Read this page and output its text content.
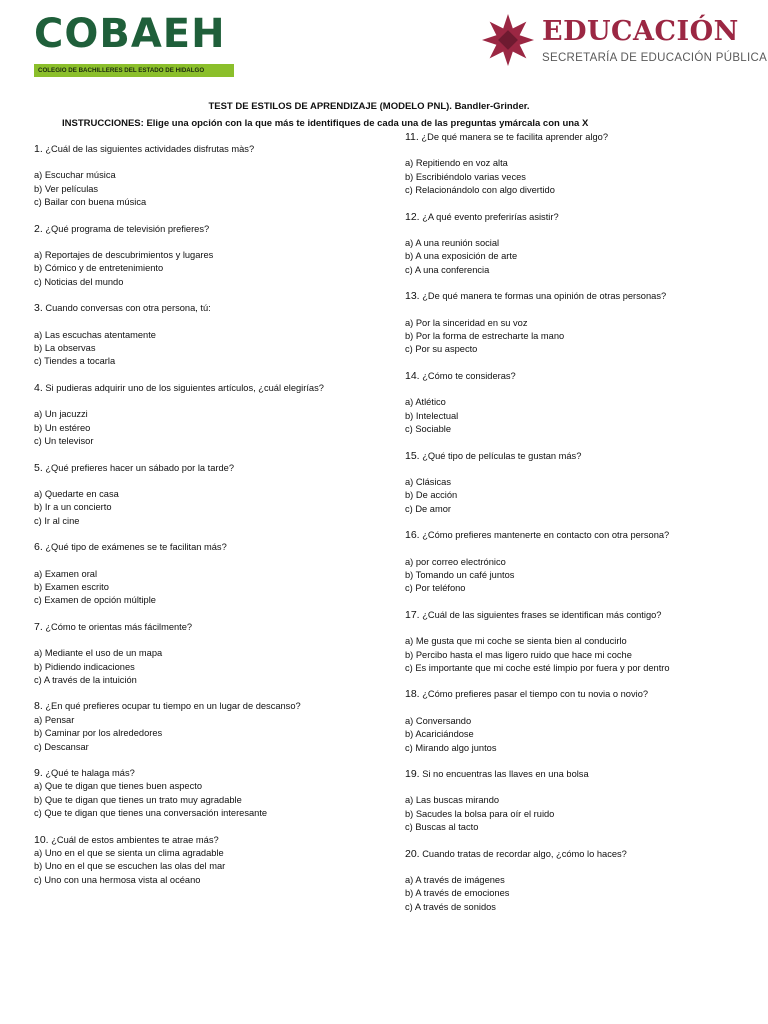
COBAEH
COLEGIO DE BACHILLERES DEL ESTADO DE HIDALGO
EDUCACIÓN
SECRETARÍA DE EDUCACIÓN PÚBLICA
TEST DE ESTILOS DE APRENDIZAJE (MODELO PNL). Bandler-Grinder.
INSTRUCCIONES: Elige una opción con la que más te identifiques de cada una de las preguntas ymárcala con una X
1. ¿Cuál de las siguientes actividades disfrutas màs?
a) Escuchar música
b) Ver películas
c) Bailar con buena música
2. ¿Qué programa de televisión prefieres?
a) Reportajes de descubrimientos y lugares
b) Cómico y de entretenimiento
c) Noticias del mundo
3. Cuando conversas con otra persona, tú:
a) Las escuchas atentamente
b) La observas
c) Tiendes a tocarla
4. Si pudieras adquirir uno de los siguientes artículos, ¿cuál elegirías?
a) Un jacuzzi
b) Un estéreo
c) Un televisor
5. ¿Qué prefieres hacer un sábado por la tarde?
a) Quedarte en casa
b) Ir a un concierto
c) Ir al cine
6. ¿Qué tipo de exámenes se te facilitan más?
a) Examen oral
b) Examen escrito
c) Examen de opción múltiple
7. ¿Cómo te orientas más fácilmente?
a) Mediante el uso de un mapa
b) Pidiendo indicaciones
c) A través de la intuición
8. ¿En qué prefieres ocupar tu tiempo en un lugar de descanso?
a) Pensar
b) Caminar por los alrededores
c) Descansar
9. ¿Qué te halaga más?
a) Que te digan que tienes buen aspecto
b) Que te digan que tienes un trato muy agradable
c) Que te digan que tienes una conversación interesante
10. ¿Cuál de estos ambientes te atrae más?
a) Uno en el que se sienta un clima agradable
b) Uno en el que se escuchen las olas del mar
c) Uno con una hermosa vista al océano
11. ¿De qué manera se te facilita aprender algo?
a) Repitiendo en voz alta
b) Escribiéndolo varias veces
c) Relacionándolo con algo divertido
12. ¿A qué evento preferirías asistir?
a) A una reunión social
b) A una exposición de arte
c) A una conferencia
13. ¿De qué manera te formas una opinión de otras personas?
a) Por la sinceridad en su voz
b) Por la forma de estrecharte la mano
c) Por su aspecto
14. ¿Cómo te consideras?
a) Atlético
b) Intelectual
c) Sociable
15. ¿Qué tipo de películas te gustan más?
a) Clásicas
b) De acción
c) De amor
16. ¿Cómo prefieres mantenerte en contacto con otra persona?
a) por correo electrónico
b) Tomando un café juntos
c) Por teléfono
17. ¿Cuál de las siguientes frases se identifican más contigo?
a) Me gusta que mi coche se sienta bien al conducirlo
b) Percibo hasta el mas ligero ruido que hace mi coche
c) Es importante que mi coche esté limpio por fuera y por dentro
18. ¿Cómo prefieres pasar el tiempo con tu novia o novio?
a) Conversando
b) Acariciándose
c) Mirando algo juntos
19. Si no encuentras las llaves en una bolsa
a) Las buscas mirando
b) Sacudes la bolsa para oír el ruido
c) Buscas al tacto
20. Cuando tratas de recordar algo, ¿cómo lo haces?
a) A través de imágenes
b) A través de emociones
c) A través de sonidos
